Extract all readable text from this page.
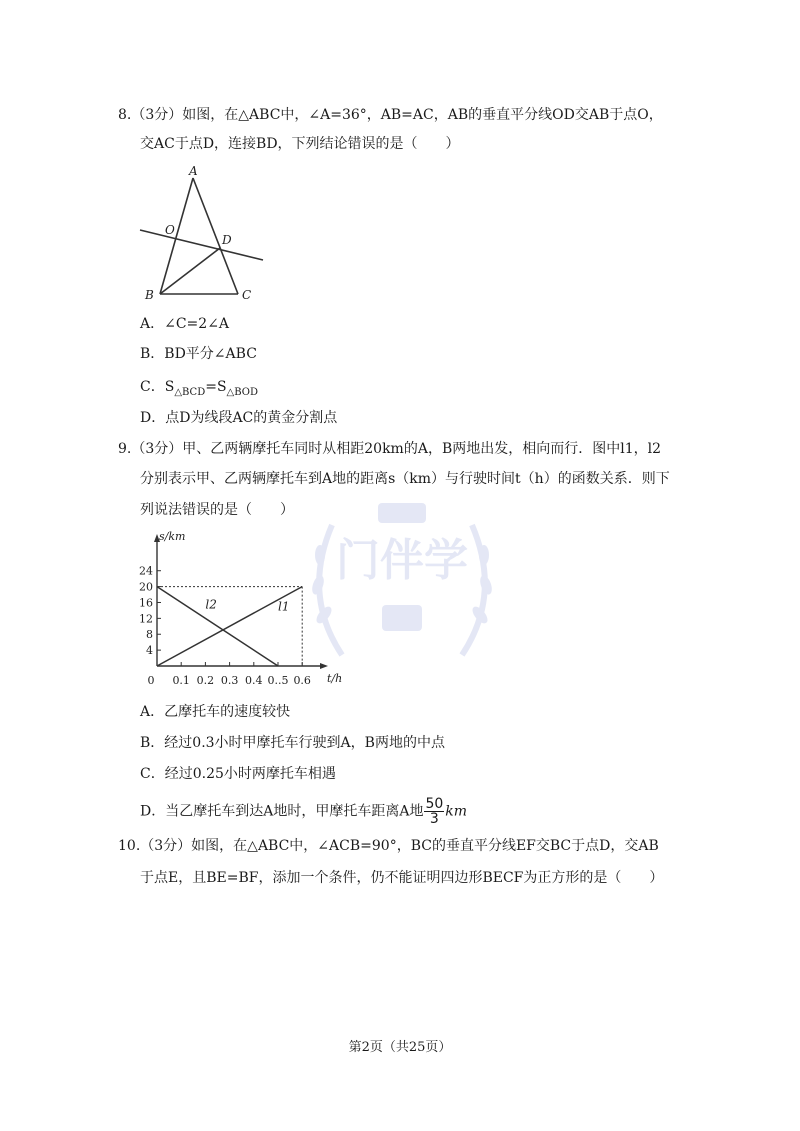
门伴学
8.（3分）如图，在△ABC中，∠A=36°，AB=AC，AB的垂直平分线OD交AB于点O，
交AC于点D，连接BD，下列结论错误的是（　　）
A
O
D
B	C
A．∠C=2∠A
B．BD平分∠ABC
C．$S_{\triangle BCD}=S_{\triangle BOD}$
D．点D为线段AC的黄金分割点
9.（3分）甲、乙两辆摩托车同时从相距20km的A，B两地出发，相向而行．图中l1，l2
分别表示甲、乙两辆摩托车到A地的距离s（km）与行驶时间t（h）的函数关系．则下
列说法错误的是（　　）
4
8
12
16
20
24
0 0.1 0.2 0.3 0.4 0..5 0.6
l1
l2
s/km
t/h
A．乙摩托车的速度较快
B．经过0.3小时甲摩托车行驶到A，B两地的中点
C．经过0.25小时两摩托车相遇
D．当乙摩托车到达A地时，甲摩托车距离A地 $\frac{50}{3}$ km
10.（3分）如图，在△ABC中，∠ACB=90°，BC的垂直平分线EF交BC于点D，交AB
于点E，且BE=BF，添加一个条件，仍不能证明四边形BECF为正方形的是（　　）
第2页（共25页）
